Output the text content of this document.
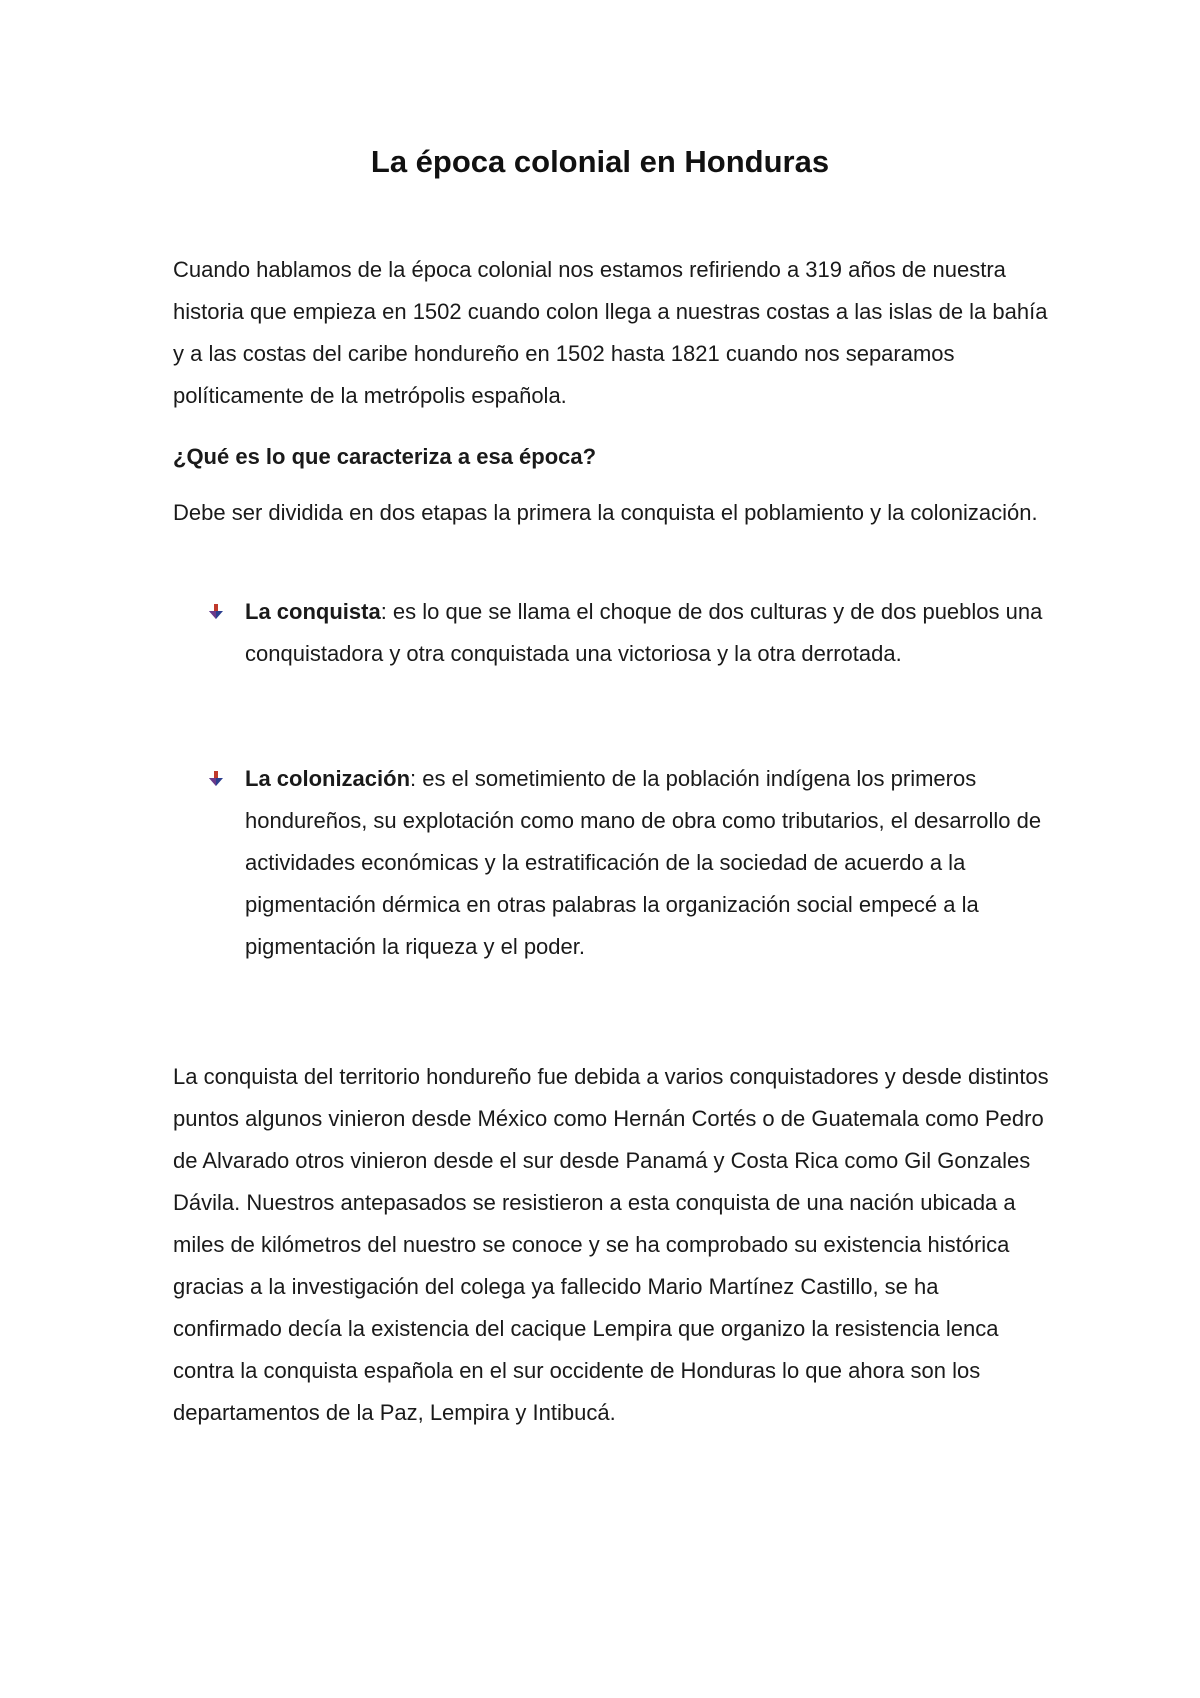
La época colonial en Honduras

Cuando hablamos de la época colonial nos estamos refiriendo a 319 años de nuestra historia que empieza en 1502 cuando colon llega a nuestras costas a las islas de la bahía y a las costas del caribe hondureño en 1502 hasta 1821 cuando nos separamos políticamente de la metrópolis española.

¿Qué es lo que caracteriza a esa época?

Debe ser dividida en dos etapas la primera la conquista el poblamiento y la colonización.

La conquista: es lo que se llama el choque de dos culturas y de dos pueblos una conquistadora y otra conquistada una victoriosa y la otra derrotada.
La colonización: es el sometimiento de la población indígena los primeros hondureños, su explotación como mano de obra como tributarios, el desarrollo de actividades económicas y la estratificación de la sociedad de acuerdo a la pigmentación dérmica en otras palabras la organización social empecé a la pigmentación la riqueza y el poder.

La conquista del territorio hondureño fue debida a varios conquistadores y desde distintos puntos algunos vinieron desde México como Hernán Cortés o de Guatemala como Pedro de Alvarado otros vinieron desde el sur desde Panamá y Costa Rica como Gil Gonzales Dávila. Nuestros antepasados se resistieron a esta conquista de una nación ubicada a miles de kilómetros del nuestro se conoce y se ha comprobado su existencia histórica gracias a la investigación del colega ya fallecido Mario Martínez Castillo, se ha confirmado decía la existencia del cacique Lempira que organizo la resistencia lenca contra la conquista española en el sur occidente de Honduras lo que ahora son los departamentos de la Paz, Lempira y Intibucá.
